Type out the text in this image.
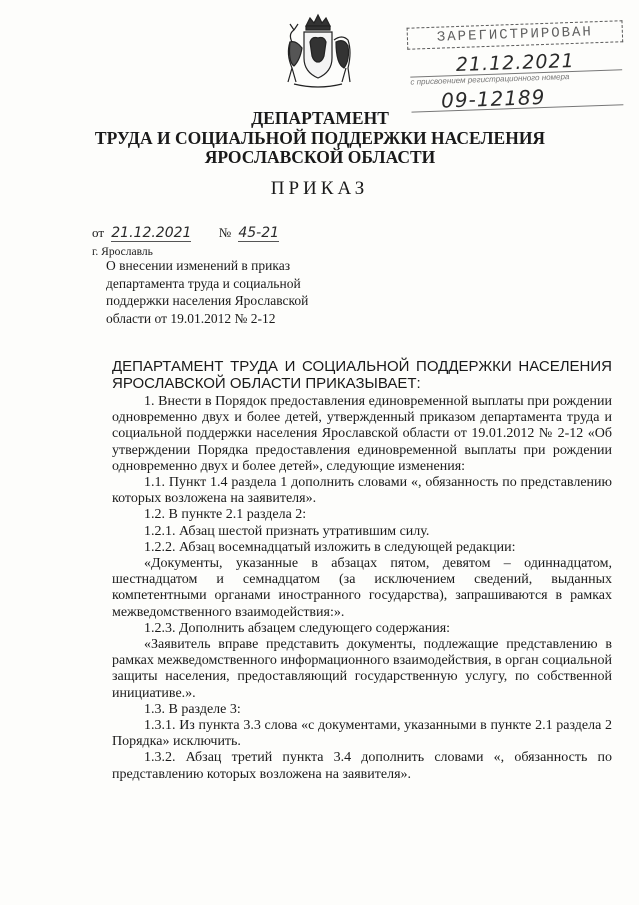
ЗАРЕГИСТРИРОВАН
21.12.2021
с присвоением регистрационного номера
09-12189
ДЕПАРТАМЕНТ
ТРУДА И СОЦИАЛЬНОЙ ПОДДЕРЖКИ НАСЕЛЕНИЯ
ЯРОСЛАВСКОЙ ОБЛАСТИ
ПРИКАЗ
от 21.12.2021 № 45-21
г. Ярославль
О внесении изменений в приказ
департамента труда и социальной
поддержки населения Ярославской
области от 19.01.2012 № 2-12

ДЕПАРТАМЕНТ ТРУДА И СОЦИАЛЬНОЙ ПОДДЕРЖКИ НАСЕЛЕНИЯ ЯРОСЛАВСКОЙ ОБЛАСТИ ПРИКАЗЫВАЕТ:

1. Внести в Порядок предоставления единовременной выплаты при рождении одновременно двух и более детей, утвержденный приказом департамента труда и социальной поддержки населения Ярославской области от 19.01.2012 № 2-12 «Об утверждении Порядка предоставления единовременной выплаты при рождении одновременно двух и более детей», следующие изменения:

1.1. Пункт 1.4 раздела 1 дополнить словами «, обязанность по представлению которых возложена на заявителя».

1.2. В пункте 2.1 раздела 2:

1.2.1. Абзац шестой признать утратившим силу.

1.2.2. Абзац восемнадцатый изложить в следующей редакции:

«Документы, указанные в абзацах пятом, девятом – одиннадцатом, шестнадцатом и семнадцатом (за исключением сведений, выданных компетентными органами иностранного государства), запрашиваются в рамках межведомственного взаимодействия:».

1.2.3. Дополнить абзацем следующего содержания:

«Заявитель вправе представить документы, подлежащие представлению в рамках межведомственного информационного взаимодействия, в орган социальной защиты населения, предоставляющий государственную услугу, по собственной инициативе.».

1.3. В разделе 3:

1.3.1. Из пункта 3.3 слова «с документами, указанными в пункте 2.1 раздела 2 Порядка» исключить.

1.3.2. Абзац третий пункта 3.4 дополнить словами «, обязанность по представлению которых возложена на заявителя».
